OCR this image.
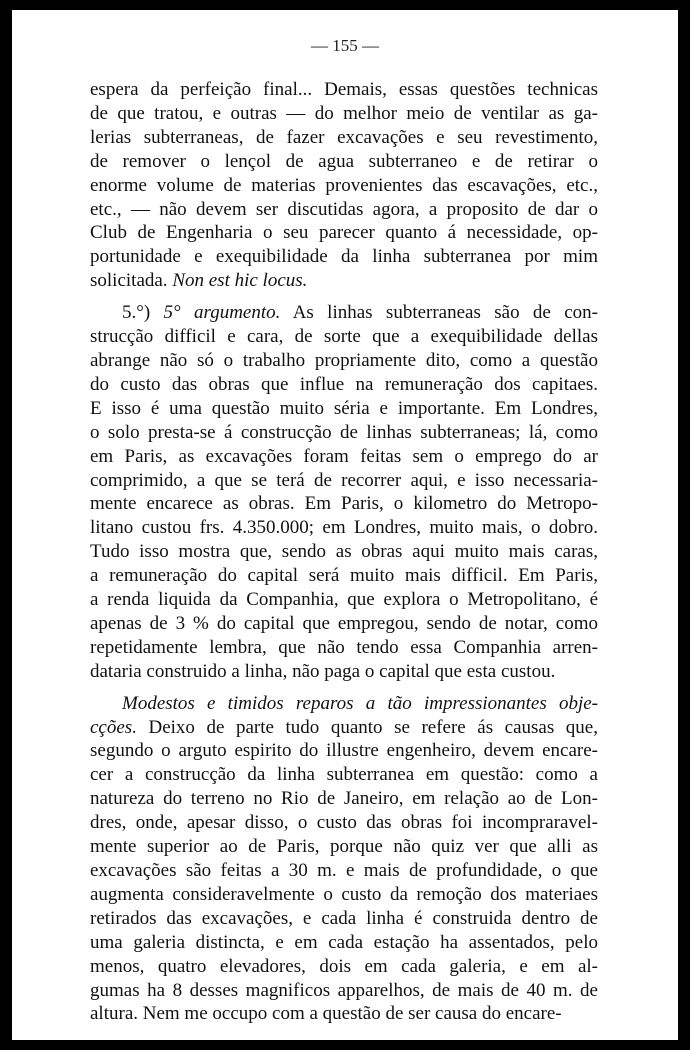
— 155 —
espera da perfeição final... Demais, essas questões technicas
de que tratou, e outras — do melhor meio de ventilar as ga-
lerias subterraneas, de fazer excavações e seu revestimento,
de remover o lençol de agua subterraneo e de retirar o
enorme volume de materias provenientes das escavações, etc.,
etc., — não devem ser discutidas agora, a proposito de dar o
Club de Engenharia o seu parecer quanto á necessidade, op-
portunidade e exequibilidade da linha subterranea por mim
solicitada. Non est hic locus.
5.°) 5° argumento. As linhas subterraneas são de con-
strucção difficil e cara, de sorte que a exequibilidade dellas
abrange não só o trabalho propriamente dito, como a questão
do custo das obras que influe na remuneração dos capitaes.
E isso é uma questão muito séria e importante. Em Londres,
o solo presta-se á construcção de linhas subterraneas; lá, como
em Paris, as excavações foram feitas sem o emprego do ar
comprimido, a que se terá de recorrer aqui, e isso necessaria-
mente encarece as obras. Em Paris, o kilometro do Metropo-
litano custou frs. 4.350.000; em Londres, muito mais, o dobro.
Tudo isso mostra que, sendo as obras aqui muito mais caras,
a remuneração do capital será muito mais difficil. Em Paris,
a renda liquida da Companhia, que explora o Metropolitano, é
apenas de 3 % do capital que empregou, sendo de notar, como
repetidamente lembra, que não tendo essa Companhia arren-
dataria construido a linha, não paga o capital que esta custou.
Modestos e timidos reparos a tão impressionantes obje-
cções. Deixo de parte tudo quanto se refere ás causas que,
segundo o arguto espirito do illustre engenheiro, devem encare-
cer a construcção da linha subterranea em questão: como a
natureza do terreno no Rio de Janeiro, em relação ao de Lon-
dres, onde, apesar disso, o custo das obras foi incompraravel-
mente superior ao de Paris, porque não quiz ver que alli as
excavações são feitas a 30 m. e mais de profundidade, o que
augmenta consideravelmente o custo da remoção dos materiaes
retirados das excavações, e cada linha é construida dentro de
uma galeria distincta, e em cada estação ha assentados, pelo
menos, quatro elevadores, dois em cada galeria, e em al-
gumas ha 8 desses magnificos apparelhos, de mais de 40 m. de
altura. Nem me occupo com a questão de ser causa do encare-
